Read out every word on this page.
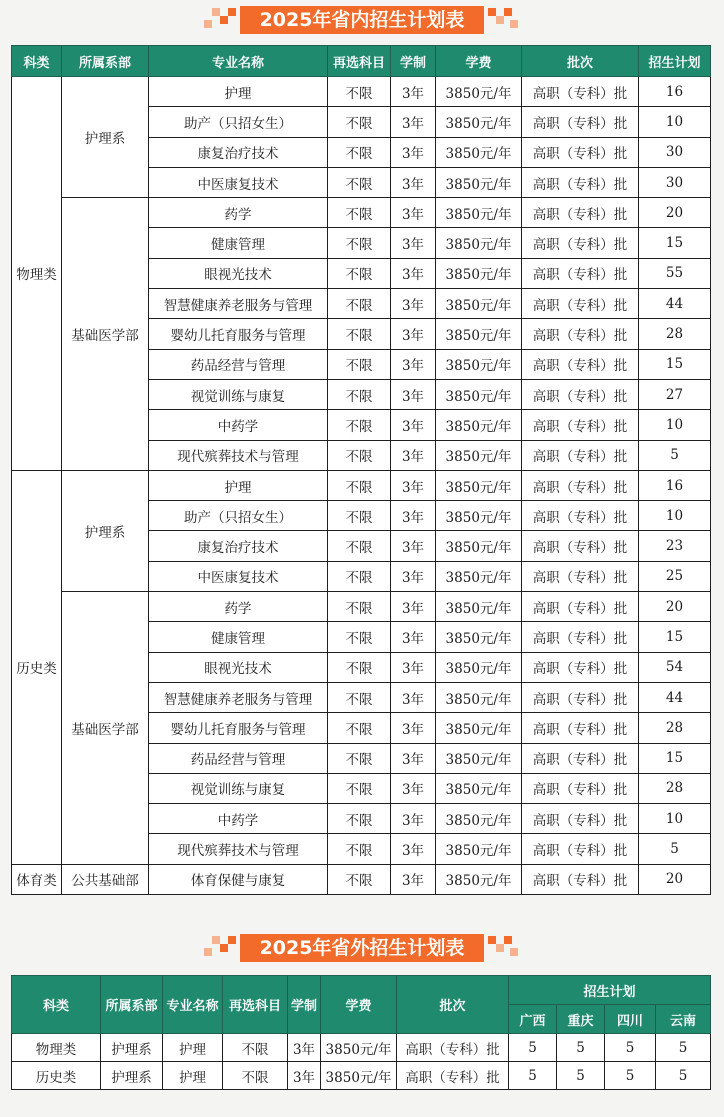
2025年省内招生计划表
科类	所属系部	专业名称	再选科目	学制	学费	批次	招生计划
物理类	护理系	护理	不限	3年	3850元/年	高职（专科）批	16
		助产（只招女生）	不限	3年	3850元/年	高职（专科）批	10
		康复治疗技术	不限	3年	3850元/年	高职（专科）批	30
		中医康复技术	不限	3年	3850元/年	高职（专科）批	30
	基础医学部	药学	不限	3年	3850元/年	高职（专科）批	20
		健康管理	不限	3年	3850元/年	高职（专科）批	15
		眼视光技术	不限	3年	3850元/年	高职（专科）批	55
		智慧健康养老服务与管理	不限	3年	3850元/年	高职（专科）批	44
		婴幼儿托育服务与管理	不限	3年	3850元/年	高职（专科）批	28
		药品经营与管理	不限	3年	3850元/年	高职（专科）批	15
		视觉训练与康复	不限	3年	3850元/年	高职（专科）批	27
		中药学	不限	3年	3850元/年	高职（专科）批	10
		现代殡葬技术与管理	不限	3年	3850元/年	高职（专科）批	5
历史类	护理系	护理	不限	3年	3850元/年	高职（专科）批	16
		助产（只招女生）	不限	3年	3850元/年	高职（专科）批	10
		康复治疗技术	不限	3年	3850元/年	高职（专科）批	23
		中医康复技术	不限	3年	3850元/年	高职（专科）批	25
	基础医学部	药学	不限	3年	3850元/年	高职（专科）批	20
		健康管理	不限	3年	3850元/年	高职（专科）批	15
		眼视光技术	不限	3年	3850元/年	高职（专科）批	54
		智慧健康养老服务与管理	不限	3年	3850元/年	高职（专科）批	44
		婴幼儿托育服务与管理	不限	3年	3850元/年	高职（专科）批	28
		药品经营与管理	不限	3年	3850元/年	高职（专科）批	15
		视觉训练与康复	不限	3年	3850元/年	高职（专科）批	28
		中药学	不限	3年	3850元/年	高职（专科）批	10
		现代殡葬技术与管理	不限	3年	3850元/年	高职（专科）批	5
体育类	公共基础部	体育保健与康复	不限	3年	3850元/年	高职（专科）批	20
2025年省外招生计划表
科类	所属系部	专业名称	再选科目	学制	学费	批次	招生计划			
							广西	重庆	四川	云南
物理类	护理系	护理	不限	3年	3850元/年	高职（专科）批	5	5	5	5
历史类	护理系	护理	不限	3年	3850元/年	高职（专科）批	5	5	5	5
